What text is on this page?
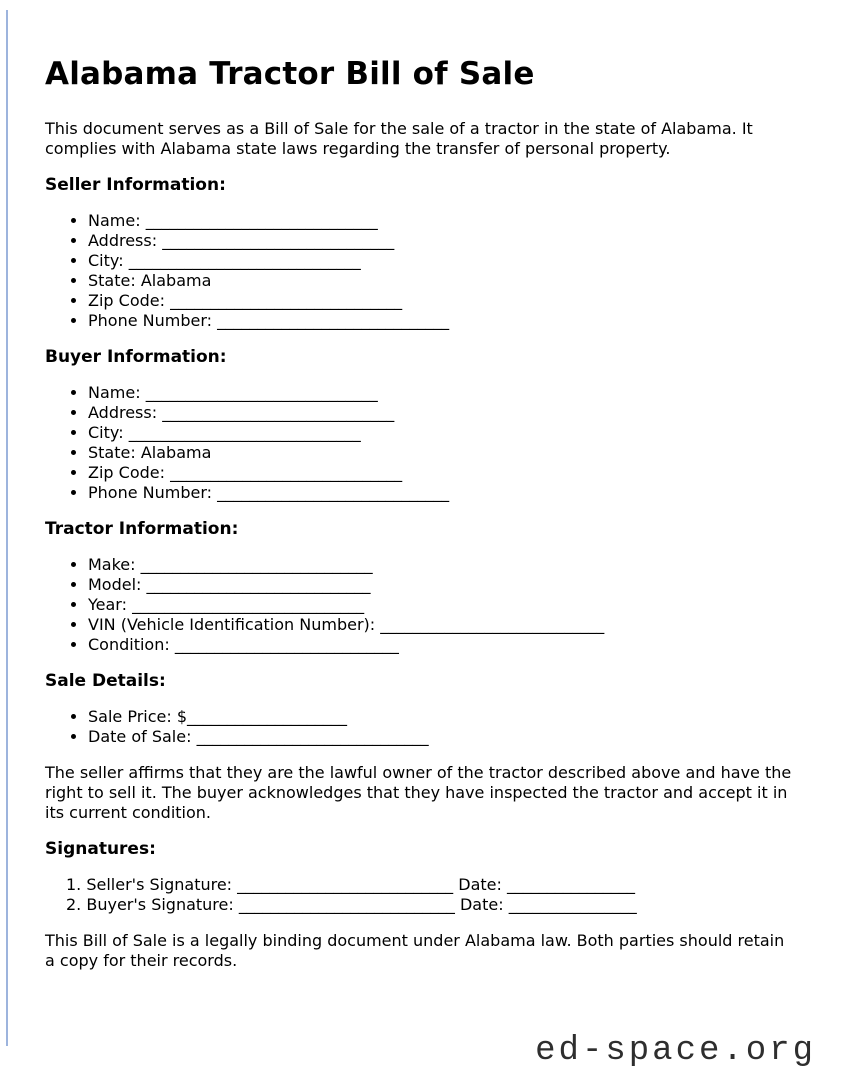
Alabama Tractor Bill of Sale

This document serves as a Bill of Sale for the sale of a tractor in the state of Alabama. It complies with Alabama state laws regarding the transfer of personal property.

Seller Information:
• Name: _____________________________
• Address: _____________________________
• City: _____________________________
• State: Alabama
• Zip Code: _____________________________
• Phone Number: _____________________________
Buyer Information:
• Name: _____________________________
• Address: _____________________________
• City: _____________________________
• State: Alabama
• Zip Code: _____________________________
• Phone Number: _____________________________
Tractor Information:
• Make: _____________________________
• Model: ____________________________
• Year: _____________________________
• VIN (Vehicle Identification Number): ____________________________
• Condition: ____________________________
Sale Details:
• Sale Price: $____________________
• Date of Sale: _____________________________

The seller affirms that they are the lawful owner of the tractor described above and have the right to sell it. The buyer acknowledges that they have inspected the tractor and accept it in its current condition.

Signatures:
1. Seller's Signature: ___________________________ Date: ________________
2. Buyer's Signature: ___________________________ Date: ________________

This Bill of Sale is a legally binding document under Alabama law. Both parties should retain a copy for their records.

ed-space.org
